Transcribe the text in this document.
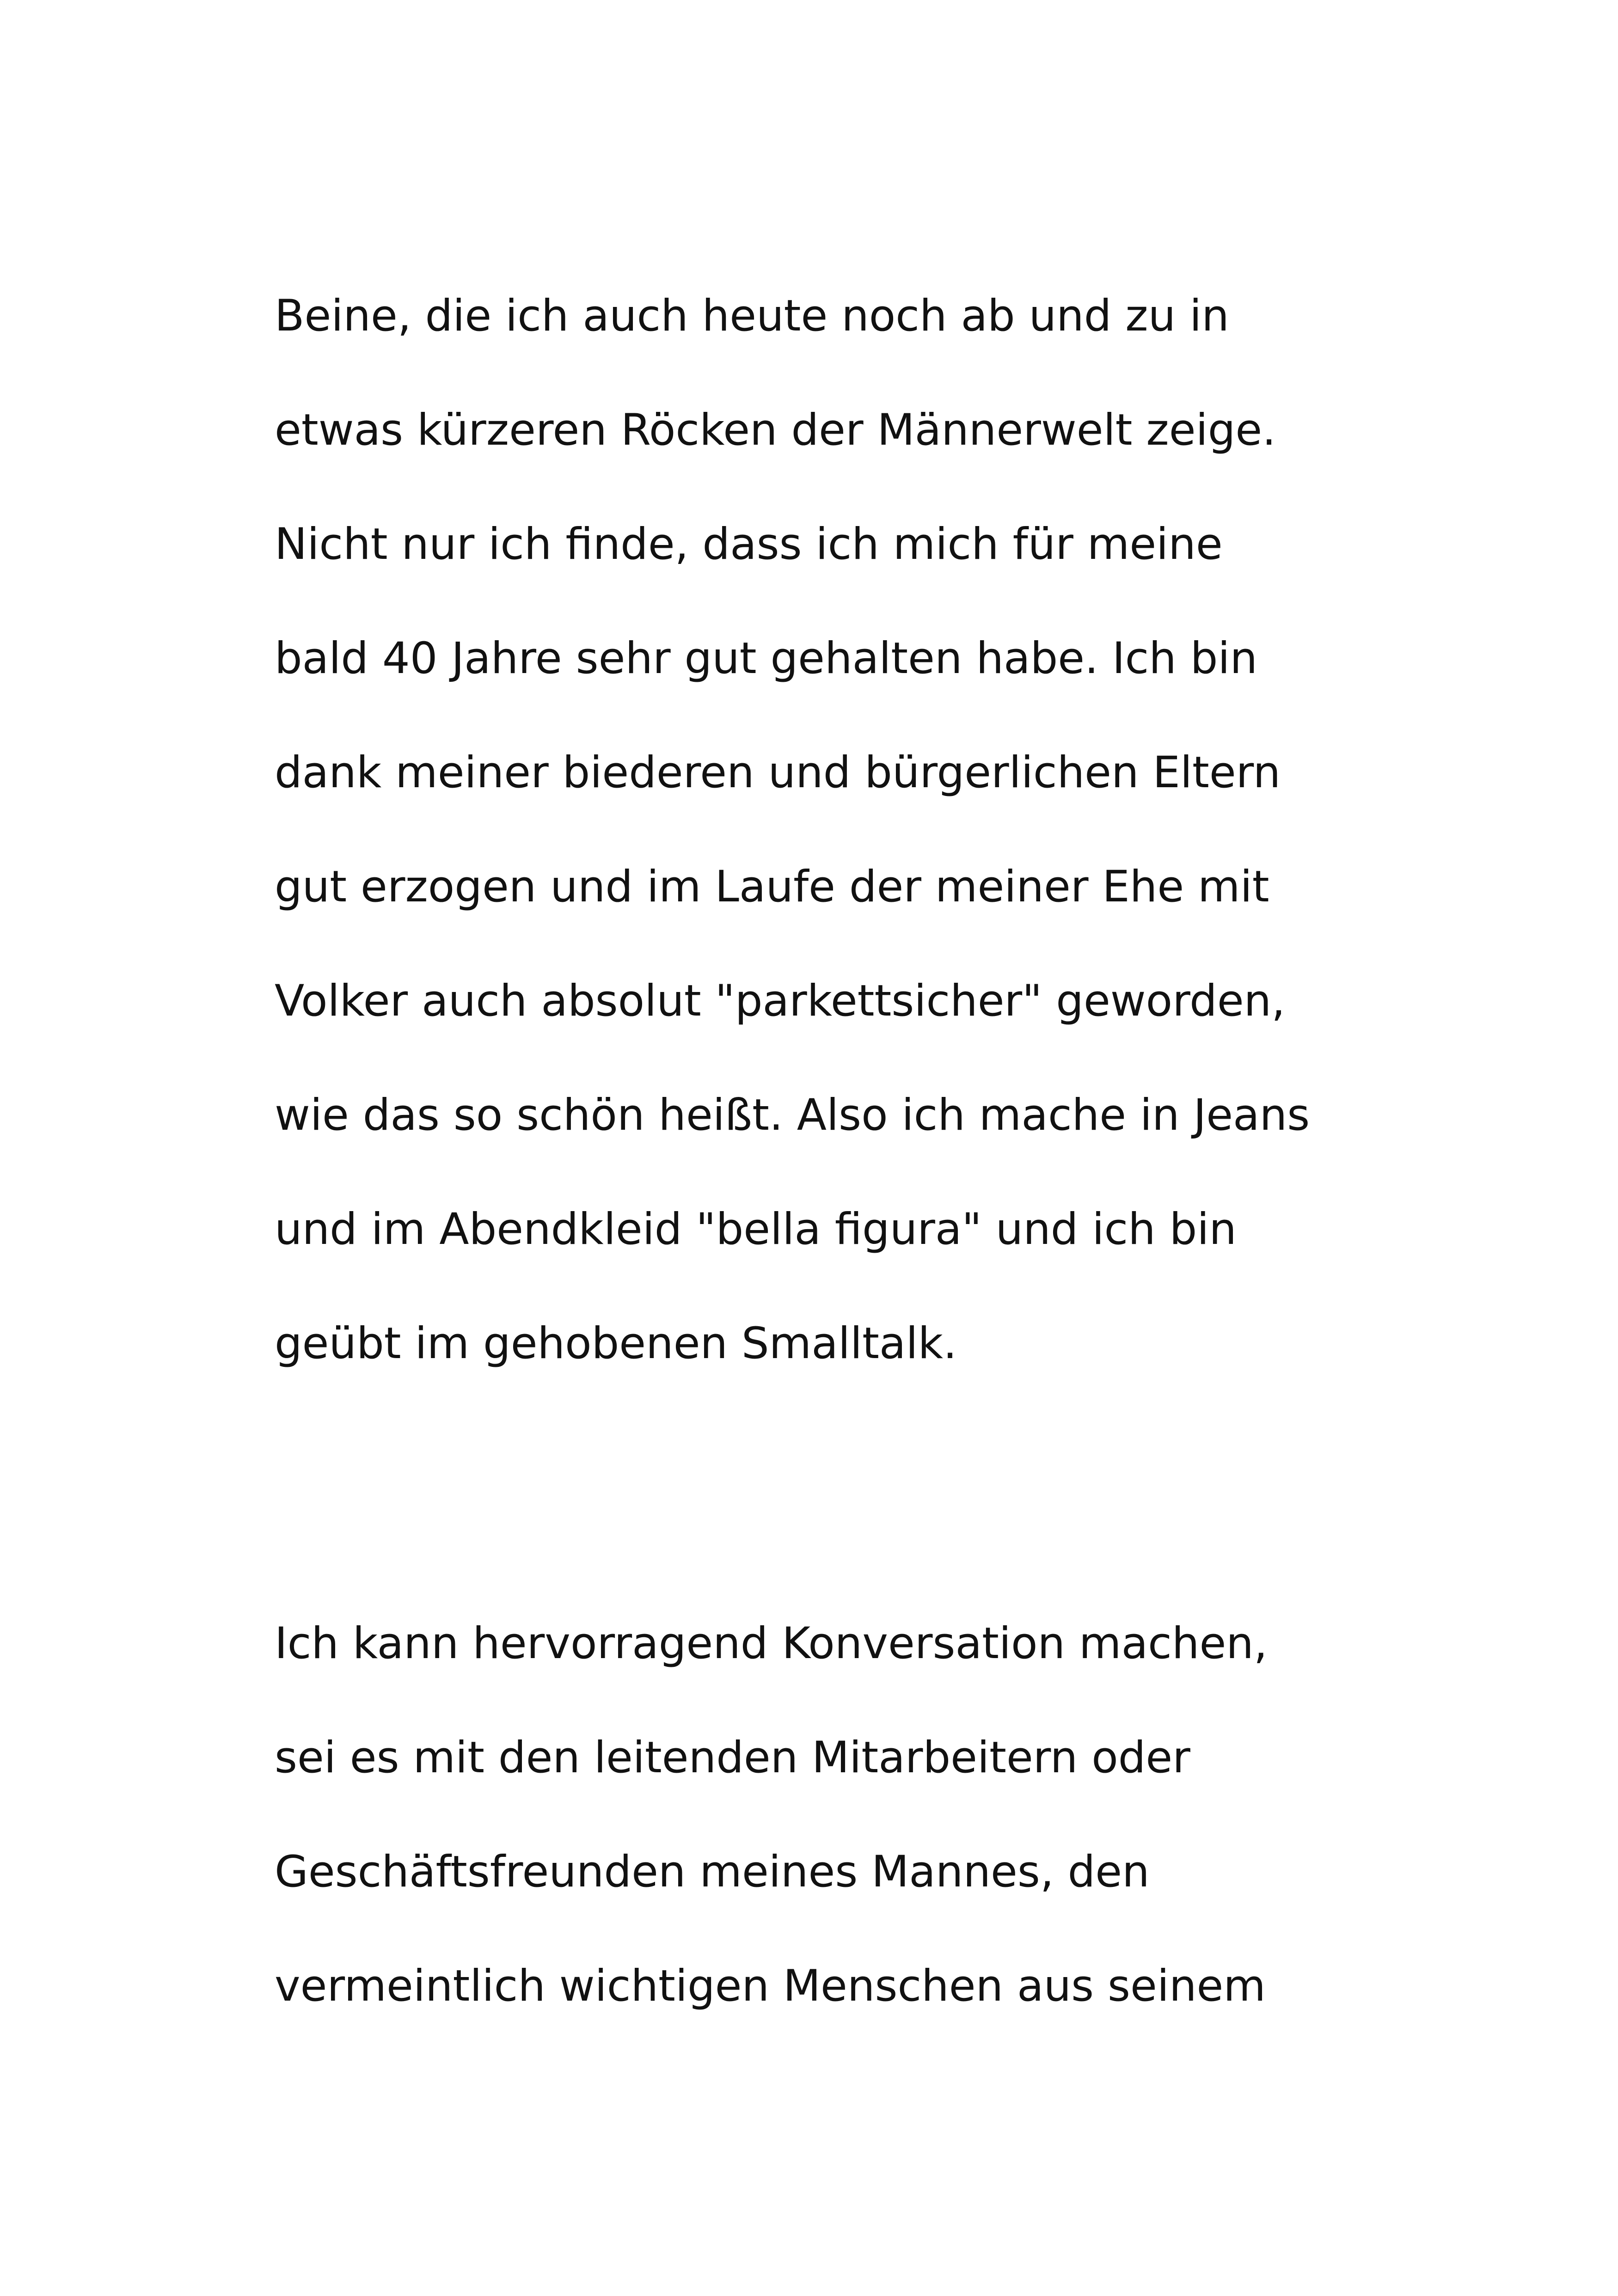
Beine, die ich auch heute noch ab und zu in
etwas kürzeren Röcken der Männerwelt zeige.
Nicht nur ich finde, dass ich mich für meine
bald 40 Jahre sehr gut gehalten habe. Ich bin
dank meiner biederen und bürgerlichen Eltern
gut erzogen und im Laufe der meiner Ehe mit
Volker auch absolut "parkettsicher" geworden,
wie das so schön heißt. Also ich mache in Jeans
und im Abendkleid "bella figura" und ich bin
geübt im gehobenen Smalltalk.
Ich kann hervorragend Konversation machen,
sei es mit den leitenden Mitarbeitern oder
Geschäftsfreunden meines Mannes, den
vermeintlich wichtigen Menschen aus seinem
